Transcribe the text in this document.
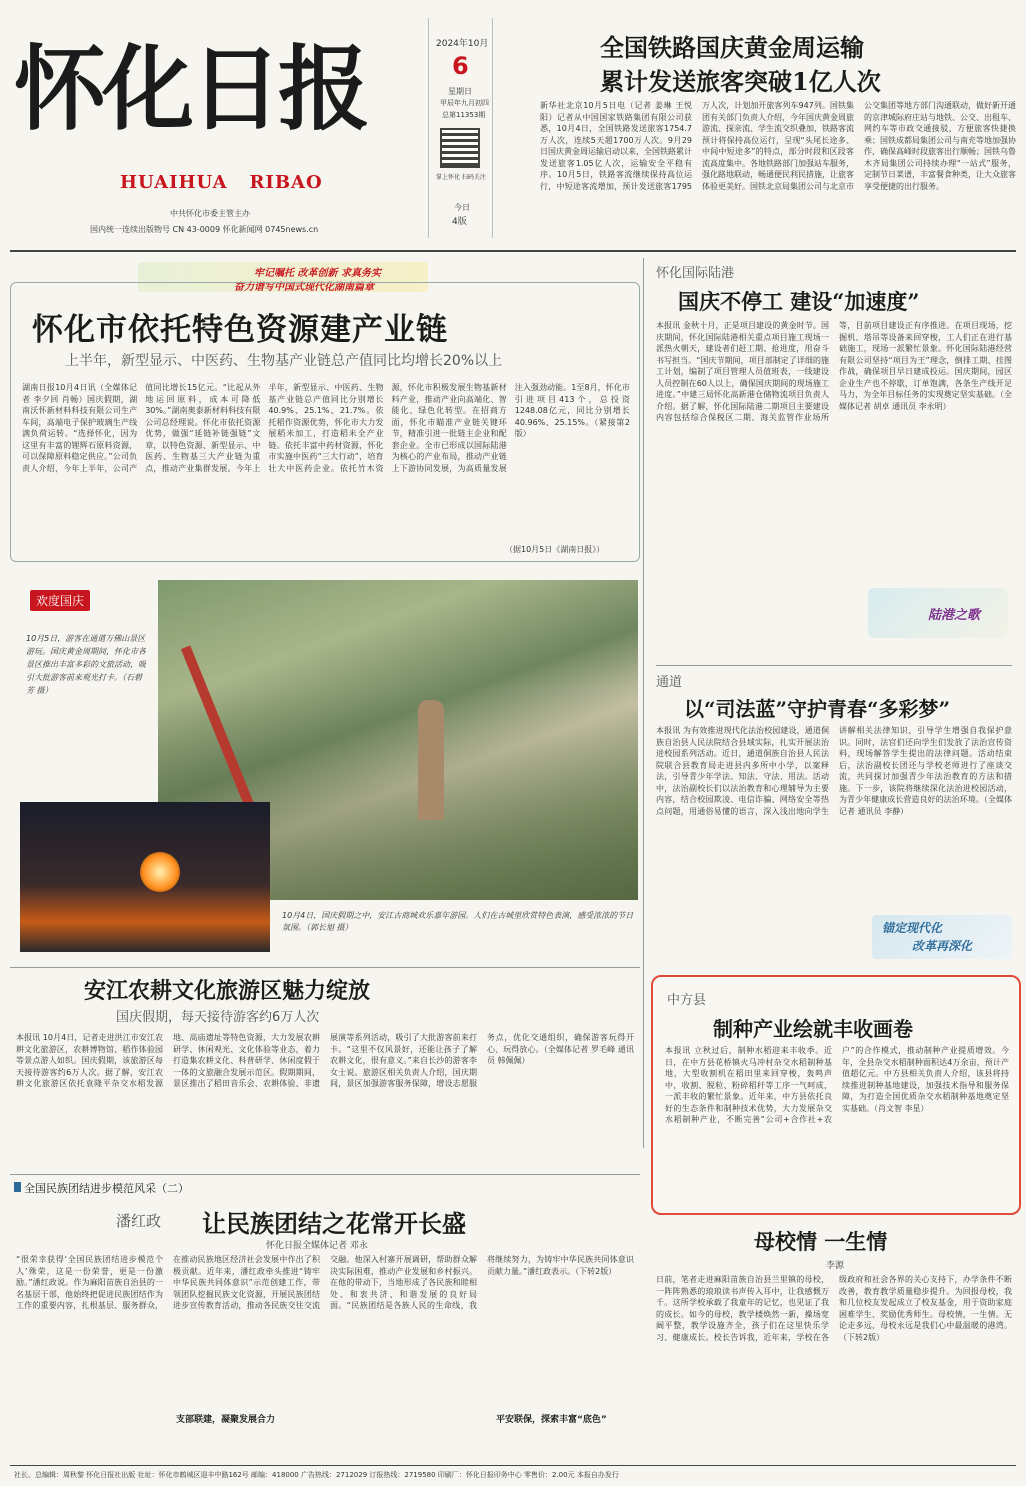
怀化日报
HUAIHUA   RIBAO
中共怀化市委主管主办
国内统一连续出版物号 CN 43-0009 怀化新闻网 0745news.cn
2024年10月
6
星期日
甲辰年九月初四
总第11353期
掌上怀化 扫码关注
今日
4版
全国铁路国庆黄金周运输
累计发送旅客突破1亿人次
新华社北京10月5日电（记者 姜琳 王悦阳）记者从中国国家铁路集团有限公司获悉，10月4日，全国铁路发送旅客1754.7万人次，连续5天超1700万人次。9月29日国庆黄金周运输启动以来，全国铁路累计发送旅客1.05亿人次，运输安全平稳有序。10月5日，铁路客流继续保持高位运行，中短途客流增加，预计发送旅客1795万人次，计划加开旅客列车947列。国铁集团有关部门负责人介绍，今年国庆黄金周旅游流、探亲流、学生流交织叠加，铁路客流预计将保持高位运行，呈现“头尾长途多、中间中短途多”的特点，部分时段和区段客流高度集中。各地铁路部门加强站车服务，强化路地联动，畅通便民利民措施，让旅客体验更美好。国铁北京局集团公司与北京市公交集团等地方部门沟通联动，做好新开通的京津城际府庄站与地铁、公交、出租车、网约车等市政交通接驳，方便旅客快捷换乘；国铁成都局集团公司与南充等地加强协作，确保高峰时段旅客出行顺畅；国铁乌鲁木齐局集团公司持续办理“一站式”服务，定制节日菜谱，丰富餐食种类，让大众旅客享受便捷的出行服务。
牢记嘱托 改革创新 求真务实
奋力谱写中国式现代化湖南篇章
怀化市依托特色资源建产业链
上半年，新型显示、中医药、生物基产业链总产值同比均增长20%以上
湖南日报10月4日讯（全媒体记者 李夕回 肖畅）国庆假期，湖南沃怀新材料科技有限公司生产车间，高端电子保护玻璃生产线满负荷运转。“选择怀化，因为这里有丰富的锂辉石原料资源，可以保障原料稳定供应。”公司负责人介绍，今年上半年，公司产值同比增长15亿元。“比起从外地运回原料，成本可降低30%。”湖南奥泰新材料科技有限公司总经理说。怀化市依托资源优势，做强“延链补链强链”文章，以特色资源、新型显示、中医药、生物基三大产业链为重点，推动产业集群发展。今年上半年，新型显示、中医药、生物基产业链总产值同比分别增长40.9%、25.1%、21.7%。依托稻作资源优势，怀化市大力发展稻米加工，打造稻米全产业链。依托丰富中药材资源，怀化市实施中医药“三大行动”，培育壮大中医药企业。依托竹木资源，怀化市积极发展生物基新材料产业，推动产业向高端化、智能化、绿色化转型。在招商方面，怀化市瞄准产业链关键环节，精准引进一批链主企业和配套企业。全市已形成以国际陆港为核心的产业布局，推动产业链上下游协同发展，为高质量发展注入强劲动能。1至8月，怀化市引进项目413个，总投资1248.08亿元，同比分别增长40.96%、25.15%。（紧接第2版）
（据10月5日《湖南日报》）
怀化国际陆港
国庆不停工 建设“加速度”
本报讯 金秋十月，正是项目建设的黄金时节。国庆期间，怀化国际陆港相关重点项目施工现场一派热火朝天，建设者们赶工期、抢进度，用奋斗书写担当。“国庆节期间，项目部制定了详细的施工计划，编制了项目管理人员值班表，一线建设人员控制在60人以上，确保国庆期间的现场施工进度。”中建三局怀化高新港仓储物流项目负责人介绍。据了解，怀化国际陆港二期项目主要建设内容包括综合保税区二期、海关监管作业场所等，目前项目建设正有序推进。在项目现场，挖掘机、塔吊等设备来回穿梭，工人们正在进行基础施工，现场一派繁忙景象。怀化国际陆港经营有限公司坚持“项目为王”理念，倒排工期、挂图作战，确保项目早日建成投运。国庆期间，园区企业生产也不停歇，订单饱满，各条生产线开足马力，为全年目标任务的实现奠定坚实基础。（全媒体记者 胡卓 通讯员 李永明）
陆港之歌
欢度国庆
10月5日，游客在通道万佛山景区游玩。国庆黄金周期间，怀化市各景区推出丰富多彩的文旅活动，吸引大批游客前来观光打卡。（石碧芳 摄）
10月4日，国庆假期之中，安江古商城欢乐嘉年游园。人们在古城里欣赏特色表演，感受浓浓的节日氛围。（郭长旭 摄）
通道
以“司法蓝”守护青春“多彩梦”
本报讯 为有效推进现代化法治校园建设，通道侗族自治县人民法院结合县域实际，扎实开展法治进校园系列活动。近日，通道侗族自治县人民法院联合县教育局走进县内多所中小学，以案释法，引导青少年学法、知法、守法、用法。活动中，法治副校长们以法治教育和心理辅导为主要内容，结合校园欺凌、电信诈骗、网络安全等热点问题，用通俗易懂的语言，深入浅出地向学生讲解相关法律知识，引导学生增强自我保护意识。同时，法官们还向学生们发放了法治宣传资料，现场解答学生提出的法律问题。活动结束后，法治副校长团还与学校老师进行了座谈交流，共同探讨加强青少年法治教育的方法和措施。下一步，该院将继续深化法治进校园活动，为青少年健康成长营造良好的法治环境。（全媒体记者 通讯员 李静）
锚定现代化
改革再深化
安江农耕文化旅游区魅力绽放
国庆假期，每天接待游客约6万人次
本报讯 10月4日，记者走进洪江市安江农耕文化旅游区，农耕博物馆、稻作体验园等景点游人如织。国庆假期，该旅游区每天接待游客约6万人次。据了解，安江农耕文化旅游区依托袁隆平杂交水稻发源地、高庙遗址等特色资源，大力发展农耕研学、休闲观光、文化体验等业态，着力打造集农耕文化、科普研学、休闲度假于一体的文旅融合发展示范区。假期期间，景区推出了稻田音乐会、农耕体验、非遗展演等系列活动，吸引了大批游客前来打卡。“这里不仅风景好，还能让孩子了解农耕文化，很有意义。”来自长沙的游客李女士说。旅游区相关负责人介绍，国庆期间，景区加强游客服务保障，增设志愿服务点，优化交通组织，确保游客玩得开心、玩得放心。（全媒体记者 罗毛峰 通讯员 韩佩佩）
中方县
制种产业绘就丰收画卷
本报讯 立秋过后，制种水稻迎来丰收季。近日，在中方县花桥镇火马冲村杂交水稻制种基地，大型收割机在稻田里来回穿梭，轰鸣声中，收割、脱粒、粉碎稻秆等工序一气呵成，一派丰收的繁忙景象。近年来，中方县依托良好的生态条件和制种技术优势，大力发展杂交水稻制种产业，不断完善“公司+合作社+农户”的合作模式，推动制种产业提质增效。今年，全县杂交水稻制种面积达4万余亩，预计产值超亿元。中方县相关负责人介绍，该县将持续推进制种基地建设，加强技术指导和服务保障，为打造全国优质杂交水稻制种基地奠定坚实基础。（肖文智 李星）
全国民族团结进步模范风采（二）
潘红政 让民族团结之花常开长盛
怀化日报全媒体记者 邓永
“很荣幸获得‘全国民族团结进步模范个人’殊荣，这是一份荣誉，更是一份激励。”潘红政说。作为麻阳苗族自治县的一名基层干部，他始终把促进民族团结作为工作的重要内容，扎根基层、服务群众，在推动民族地区经济社会发展中作出了积极贡献。近年来，潘红政牵头推进“铸牢中华民族共同体意识”示范创建工作，带领团队挖掘民族文化资源，开展民族团结进步宣传教育活动，推动各民族交往交流交融。他深入村寨开展调研，帮助群众解决实际困难，推动产业发展和乡村振兴。在他的带动下，当地形成了各民族和睦相处、和衷共济、和谐发展的良好局面。“民族团结是各族人民的生命线，我将继续努力，为铸牢中华民族共同体意识贡献力量。”潘红政表示。（下转2版）
支部联建，凝聚发展合力	平安联保，探索丰富“底色”
母校情 一生情
李源
日前，笔者走进麻阳苗族自治县兰里镇的母校，一阵阵熟悉的琅琅读书声传入耳中，让我感慨万千。这所学校承载了我童年的记忆，也见证了我的成长。如今的母校，教学楼焕然一新，操场宽阔平整，教学设施齐全，孩子们在这里快乐学习、健康成长。校长告诉我，近年来，学校在各级政府和社会各界的关心支持下，办学条件不断改善，教育教学质量稳步提升。为回报母校，我和几位校友发起成立了校友基金，用于资助家庭困难学生、奖励优秀师生。母校情，一生情。无论走多远，母校永远是我们心中最温暖的港湾。（下转2版）
社长、总编辑：周秋黎 怀化日报社出版 社址：怀化市鹤城区迎丰中路162号 邮编：418000 广告热线：2712029 订报热线：2719580 印刷厂：怀化日报印务中心 零售价：2.00元 本报自办发行
